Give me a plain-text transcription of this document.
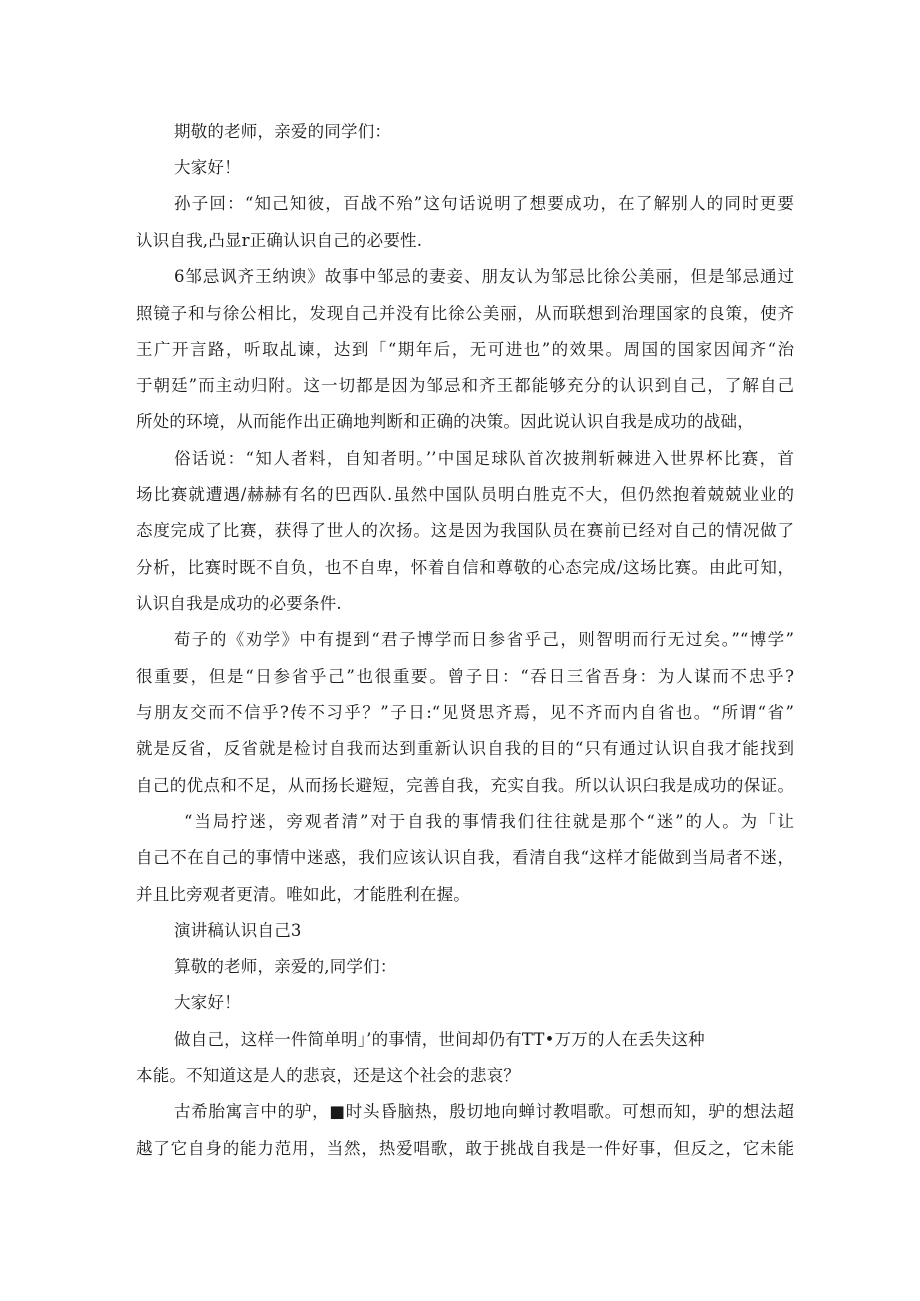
期敬的老师，亲爱的同学们：
大家好！
孙子回：“知己知彼，百战不殆”这句话说明了想要成功，在了解别人的同时更要
认识自我,凸显r正确认识自己的必要性.
6邹忌讽齐王纳谀》故事中邹忌的妻妾、朋友认为邹忌比徐公美丽，但是邹忌通过
照镜子和与徐公相比，发现自己并没有比徐公美丽，从而联想到治理国家的良策，使齐
王广开言路，听取乩谏，达到「“期年后，无可进也”的效果。周国的国家因闻齐“治
于朝廷”而主动归附。这一切都是因为邹忌和齐王都能够充分的认识到自己，了解自己
所处的环境，从而能作出正确地判断和正确的决策。因此说认识自我是成功的战础，
俗话说：“知人者料，自知者明。’’中国足球队首次披荆斩棘进入世界杯比赛，首
场比赛就遭遇/赫赫有名的巴西队.虽然中国队员明白胜克不大，但仍然抱着兢兢业业的
态度完成了比赛，获得了世人的次扬。这是因为我国队员在赛前已经对自己的情况做了
分析，比赛时既不自负，也不自卑，怀着自信和尊敬的心态完成/这场比赛。由此可知，
认识自我是成功的必要条件.
荀子的《劝学》中有提到“君子博学而日参省乎己，则智明而行无过矣。”“博学”
很重要，但是“日参省乎己”也很重要。曾子日：“吞日三省吾身：为人谋而不忠乎?
与朋友交而不信乎?传不习乎？”子日:“见贤思齐焉，见不齐而内自省也。“所谓“省”
就是反省，反省就是检讨自我而达到重新认识自我的目的“只有通过认识自我才能找到
自己的优点和不足，从而扬长避短，完善自我，充实自我。所以认识臼我是成功的保证。
“当局拧迷，旁观者清”对于自我的事情我们往往就是那个“迷”的人。为「让
自己不在自己的事情中迷惑，我们应该认识自我，看清自我“这样才能做到当局者不迷，
并且比旁观者更清。唯如此，才能胜利在握。
演讲稿认识自己3
算敬的老师，亲爱的,同学们：
大家好！
做自己，这样一件简单明」’的事情，世间却仍有TT•万万的人在丢失这种
本能。不知道这是人的悲哀，还是这个社会的悲哀？
古希胎寓言中的驴，■时头昏脑热，殷切地向蝉讨教唱歌。可想而知，驴的想法超
越了它自身的能力范用，当然，热爱唱歌，敢于挑战自我是一件好事，但反之，它未能
